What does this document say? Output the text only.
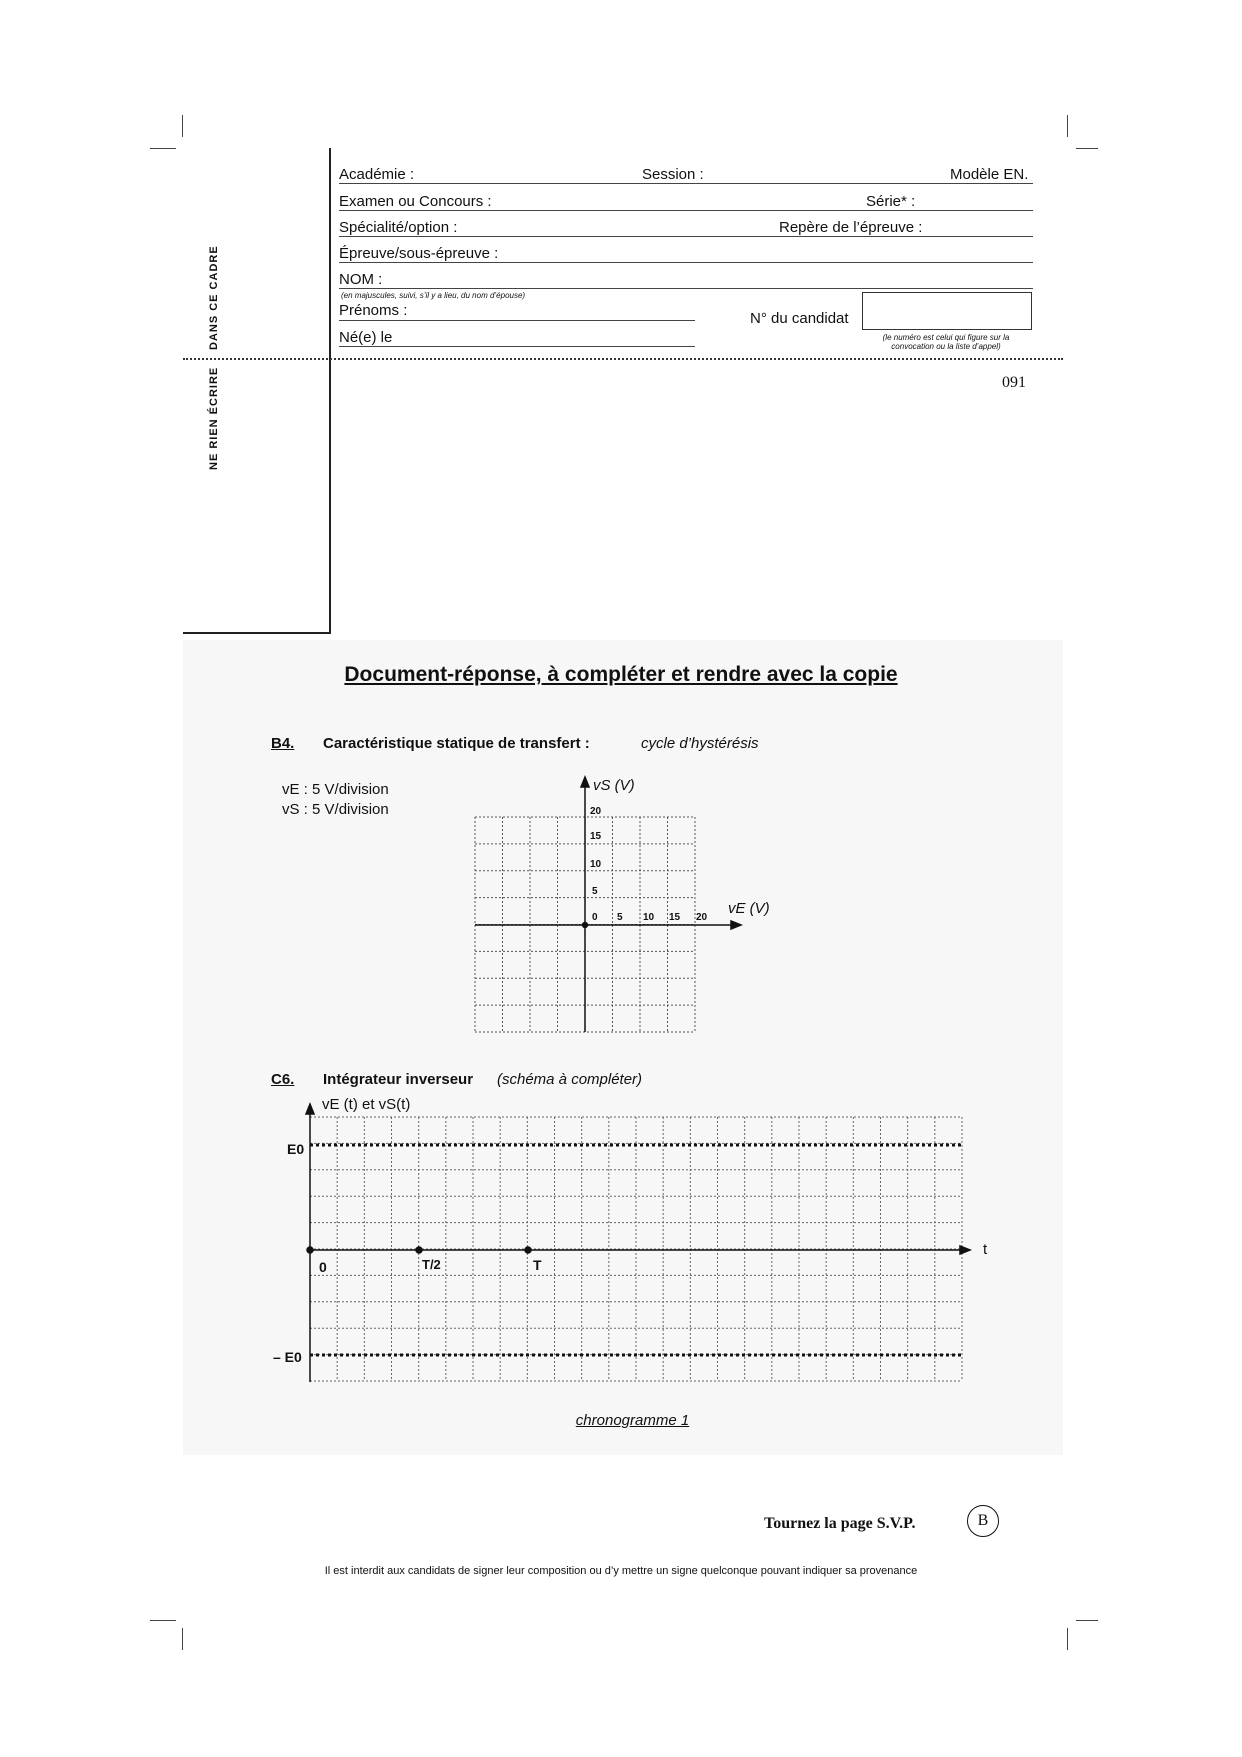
DANS CE CADRE
NE RIEN ÉCRIRE
Académie :	Session :	Modèle EN.
Examen ou Concours :	Série* :
Spécialité/option :	Repère de l’épreuve :
Épreuve/sous-épreuve :
NOM :
(en majuscules, suivi, s’il y a lieu, du nom d’épouse)
Prénoms :	N° du candidat
(le numéro est celui qui figure sur la convocation ou la liste d’appel)
Né(e) le
091
Document-réponse, à compléter et rendre avec la copie
B4. Caractéristique statique de transfert :	cycle d’hystérésis
vE : 5 V/division
vS : 5 V/division
vS (V)
vE (V)
20
15
10
5
0 5 10 15 20
C6. Intégrateur inverseur (schéma à compléter)
vE (t) et vS(t)
E0
– E0
t
0	T/2	T
chronogramme 1
Tournez la page S.V.P.	B
Il est interdit aux candidats de signer leur composition ou d’y mettre un signe quelconque pouvant indiquer sa provenance
